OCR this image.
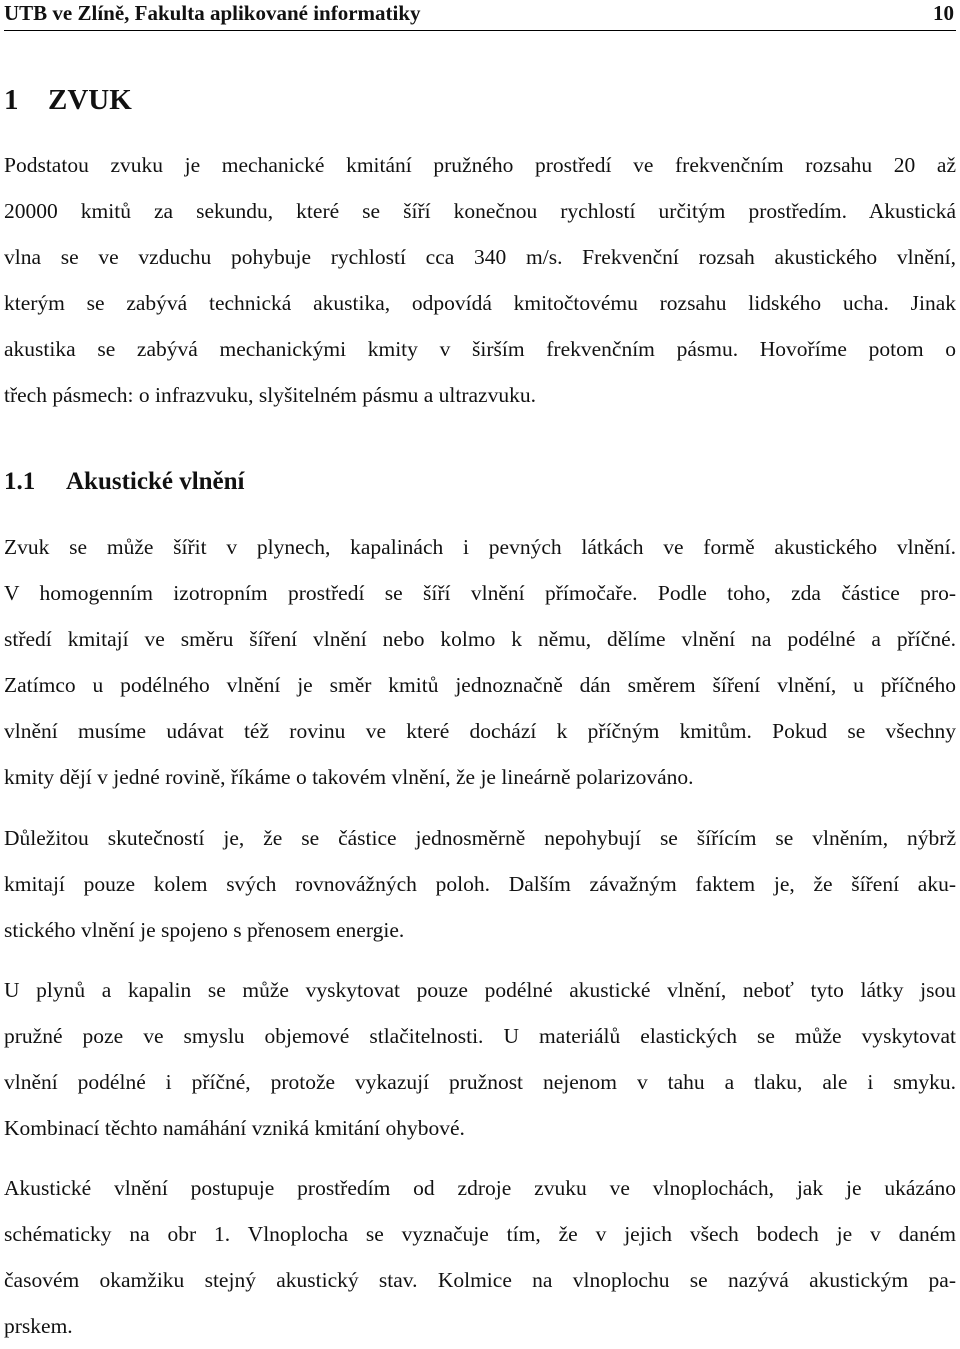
UTB ve Zlíně, Fakulta aplikované informatiky	10
1 ZVUK
Podstatou zvuku je mechanické kmitání pružného prostředí ve frekvenčním rozsahu 20 až
20000 kmitů za sekundu, které se šíří konečnou rychlostí určitým prostředím. Akustická
vlna se ve vzduchu pohybuje rychlostí cca 340 m/s. Frekvenční rozsah akustického vlnění,
kterým se zabývá technická akustika, odpovídá kmitočtovému rozsahu lidského ucha. Jinak
akustika se zabývá mechanickými kmity v širším frekvenčním pásmu. Hovoříme potom o
třech pásmech: o infrazvuku, slyšitelném pásmu a ultrazvuku.
1.1 Akustické vlnění
Zvuk se může šířit v plynech, kapalinách i pevných látkách ve formě akustického vlnění.
V homogenním izotropním prostředí se šíří vlnění přímočaře. Podle toho, zda částice pro-
středí kmitají ve směru šíření vlnění nebo kolmo k němu, dělíme vlnění na podélné a příčné.
Zatímco u podélného vlnění je směr kmitů jednoznačně dán směrem šíření vlnění, u příčného
vlnění musíme udávat též rovinu ve které dochází k příčným kmitům. Pokud se všechny
kmity dějí v jedné rovině, říkáme o takovém vlnění, že je lineárně polarizováno.
Důležitou skutečností je, že se částice jednosměrně nepohybují se šířícím se vlněním, nýbrž
kmitají pouze kolem svých rovnovážných poloh. Dalším závažným faktem je, že šíření aku-
stického vlnění je spojeno s přenosem energie.
U plynů a kapalin se může vyskytovat pouze podélné akustické vlnění, neboť tyto látky jsou
pružné poze ve smyslu objemové stlačitelnosti. U materiálů elastických se může vyskytovat
vlnění podélné i příčné, protože vykazují pružnost nejenom v tahu a tlaku, ale i smyku.
Kombinací těchto namáhání vzniká kmitání ohybové.
Akustické vlnění postupuje prostředím od zdroje zvuku ve vlnoplochách, jak je ukázáno
schématicky na obr 1. Vlnoplocha se vyznačuje tím, že v jejich všech bodech je v daném
časovém okamžiku stejný akustický stav. Kolmice na vlnoplochu se nazývá akustickým pa-
prskem.
